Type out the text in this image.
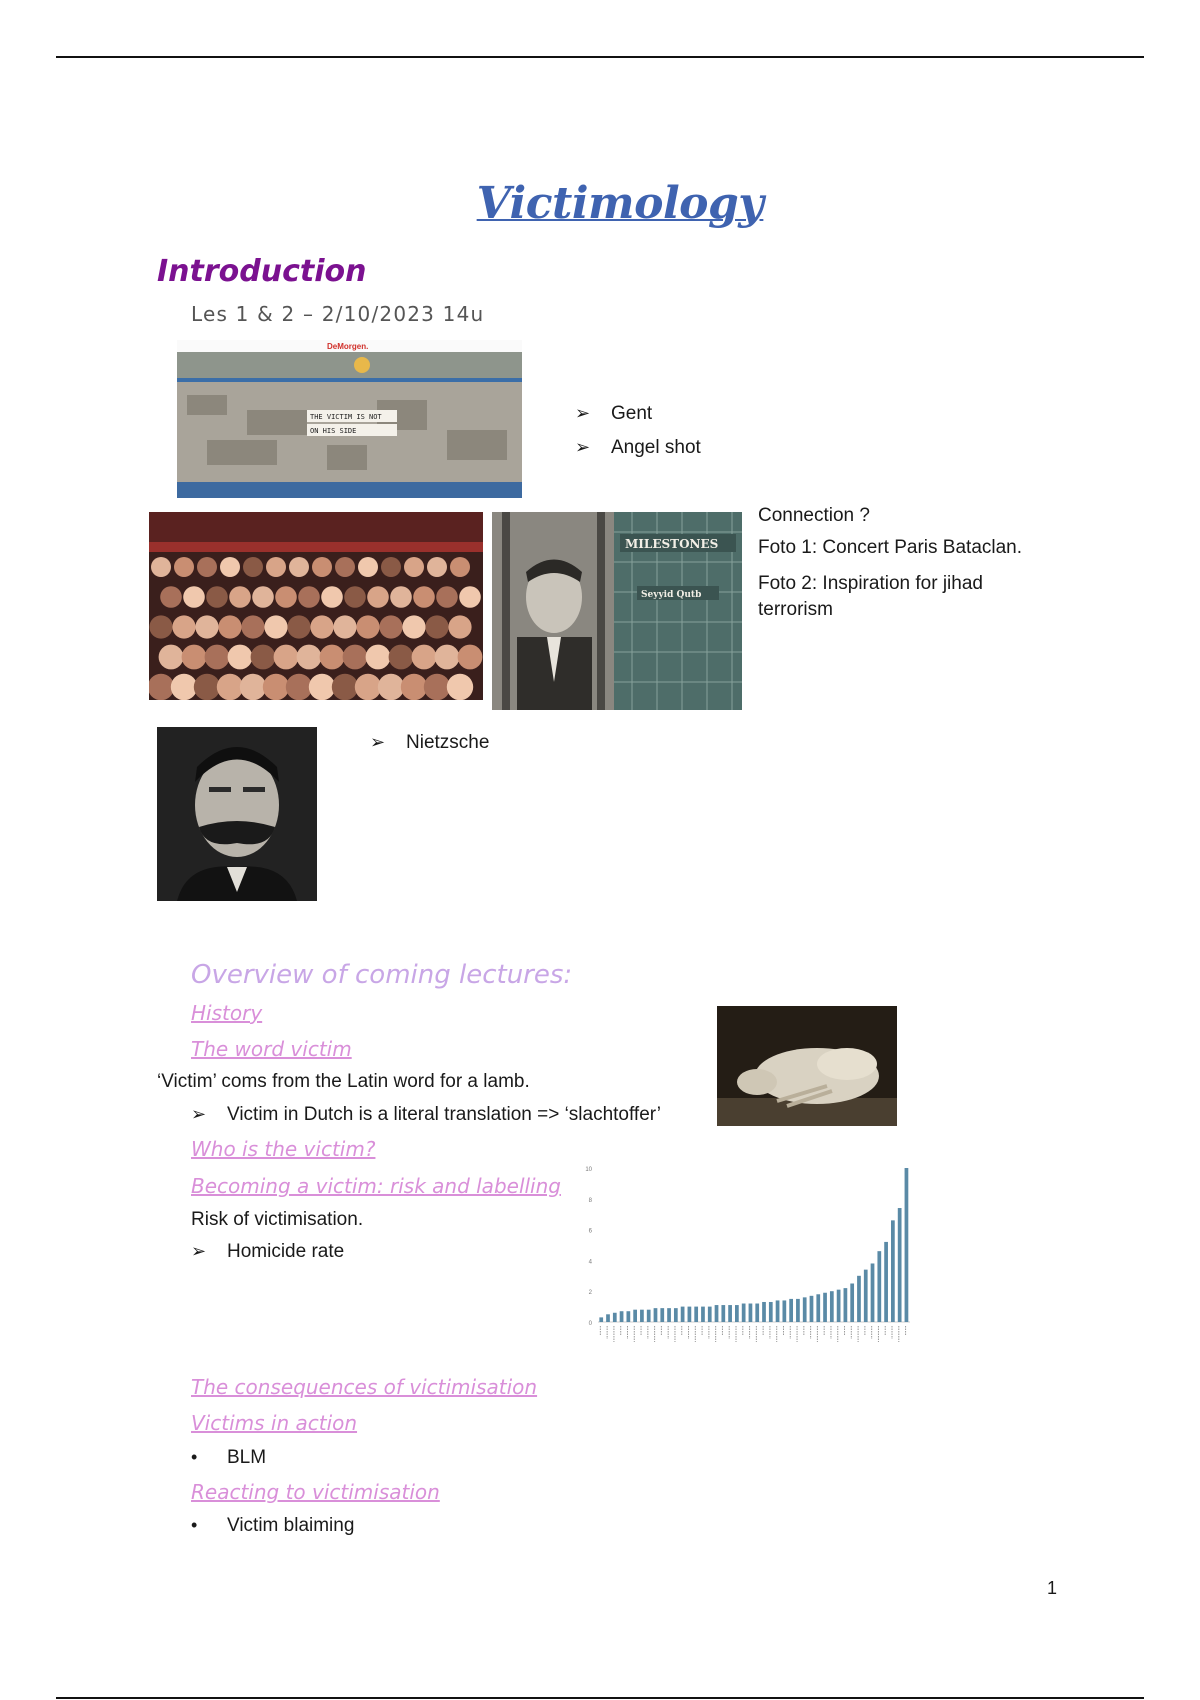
Victimology
Introduction
Les 1 & 2 – 2/10/2023 14u
DeMorgen.
THE VICTIM IS NOT
ON HIS SIDE
➢ Gent
➢ Angel shot
MILESTONES
Seyyid Qutb
Connection ?
Foto 1: Concert Paris Bataclan.
Foto 2: Inspiration for jihad terrorism
➢ Nietzsche
Overview of coming lectures:
History
The word victim
‘Victim’ coms from the Latin word for a lamb.
➢ Victim in Dutch is a literal translation => ‘slachtoffer’
Who is the victim?
Becoming a victim: risk and labelling
Risk of victimisation.
➢ Homicide rate
0
2
4
6
8
10
The consequences of victimisation
Victims in action
• BLM
Reacting to victimisation
• Victim blaiming
1
